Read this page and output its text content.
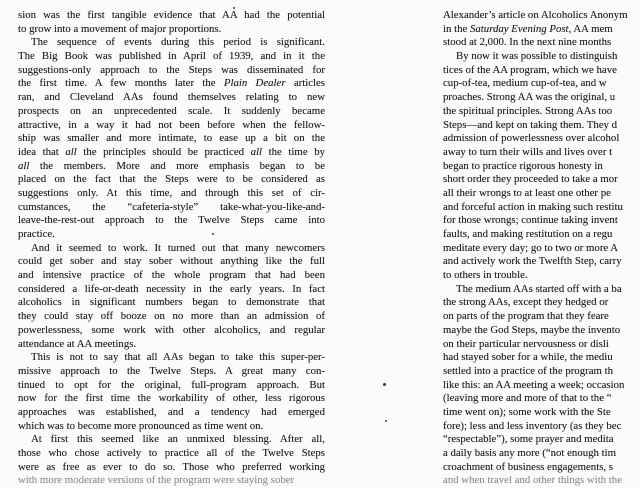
sion was the first tangible evidence that AA had the potential
to grow into a movement of major proportions.
The sequence of events during this period is significant.
The Big Book was published in April of 1939, and in it the
suggestions-only approach to the Steps was disseminated for
the first time. A few months later the Plain Dealer articles
ran, and Cleveland AAs found themselves relating to new
prospects on an unprecedented scale. It suddenly became
attractive, in a way it had not been before when the fellow-
ship was smaller and more intimate, to ease up a bit on the
idea that all the principles should be practiced all the time by
all the members. More and more emphasis began to be
placed on the fact that the Steps were to be considered as
suggestions only. At this time, and through this set of cir-
cumstances, the “cafeteria-style” take-what-you-like-and-
leave-the-rest-out approach to the Twelve Steps came into
practice.
And it seemed to work. It turned out that many newcomers
could get sober and stay sober without anything like the full
and intensive practice of the whole program that had been
considered a life-or-death necessity in the early years. In fact
alcoholics in significant numbers began to demonstrate that
they could stay off booze on no more than an admission of
powerlessness, some work with other alcoholics, and regular
attendance at AA meetings.
This is not to say that all AAs began to take this super-per-
missive approach to the Twelve Steps. A great many con-
tinued to opt for the original, full-program approach. But
now for the first time the workability of other, less rigorous
approaches was established, and a tendency had emerged
which was to become more pronounced as time went on.
At first this seemed like an unmixed blessing. After all,
those who chose actively to practice all of the Twelve Steps
were as free as ever to do so. Those who preferred working
with more moderate versions of the program were staying sober
Alexander’s article on Alcoholics Anonym
in the Saturday Evening Post, AA mem
stood at 2,000. In the next nine months
By now it was possible to distinguish
tices of the AA program, which we have
cup-of-tea, medium cup-of-tea, and w
proaches. Strong AA was the original, u
the spiritual principles. Strong AAs too
Steps—and kept on taking them. They d
admission of powerlessness over alcohol
away to turn their wills and lives over t
began to practice rigorous honesty in
short order they proceeded to take a mor
all their wrongs to at least one other pe
and forceful action in making such restitu
for those wrongs; continue taking invent
faults, and making restitution on a regu
meditate every day; go to two or more A
and actively work the Twelfth Step, carry
to others in trouble.
The medium AAs started off with a ba
the strong AAs, except they hedged or
on parts of the program that they feare
maybe the God Steps, maybe the invento
on their particular nervousness or disli
had stayed sober for a while, the mediu
settled into a practice of the program th
like this: an AA meeting a week; occasion
(leaving more and more of that to the “
time went on); some work with the Ste
fore); less and less inventory (as they bec
“respectable”), some prayer and medita
a daily basis any more (“not enough tim
croachment of business engagements, s
and when travel and other things with the
